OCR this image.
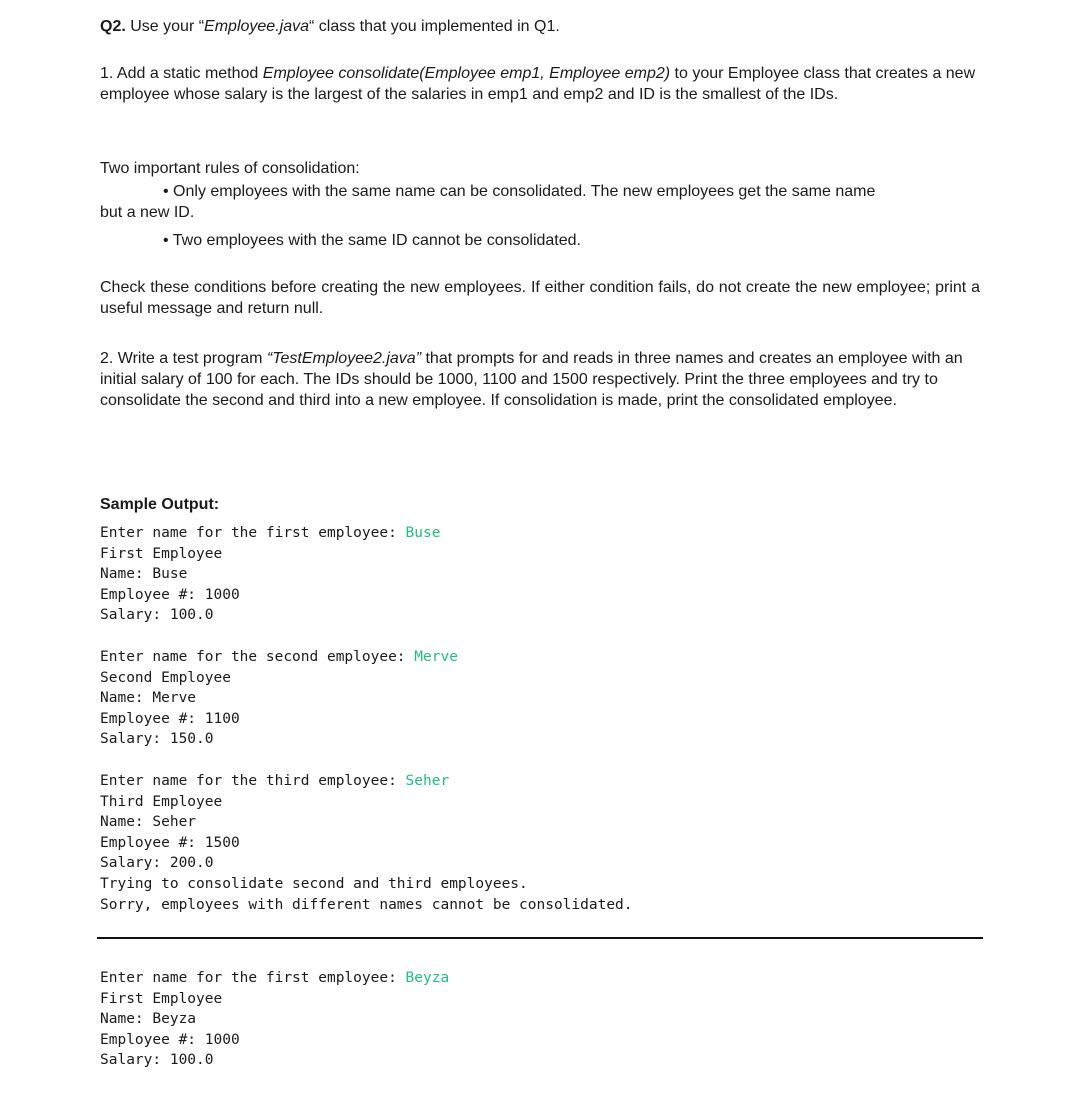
Q2. Use your “Employee.java“ class that you implemented in Q1.

1. Add a static method Employee consolidate(Employee emp1, Employee emp2) to your Employee class that creates a new employee whose salary is the largest of the salaries in emp1 and emp2 and ID is the smallest of the IDs.

Two important rules of consolidation:

• Only employees with the same name can be consolidated. The new employees get the same name
but a new ID.

• Two employees with the same ID cannot be consolidated.

Check these conditions before creating the new employees. If either condition fails, do not create the new employee; print a useful message and return null.

2. Write a test program “TestEmployee2.java” that prompts for and reads in three names and creates an employee with an initial salary of 100 for each. The IDs should be 1000, 1100 and 1500 respectively. Print the three employees and try to consolidate the second and third into a new employee. If consolidation is made, print the consolidated employee.

Sample Output:

Enter name for the first employee: Buse
First Employee
Name: Buse
Employee #: 1000
Salary: 100.0
Enter name for the second employee: Merve
Second Employee
Name: Merve
Employee #: 1100
Salary: 150.0
Enter name for the third employee: Seher
Third Employee
Name: Seher
Employee #: 1500
Salary: 200.0
Trying to consolidate second and third employees.
Sorry, employees with different names cannot be consolidated.
Enter name for the first employee: Beyza
First Employee
Name: Beyza
Employee #: 1000
Salary: 100.0
